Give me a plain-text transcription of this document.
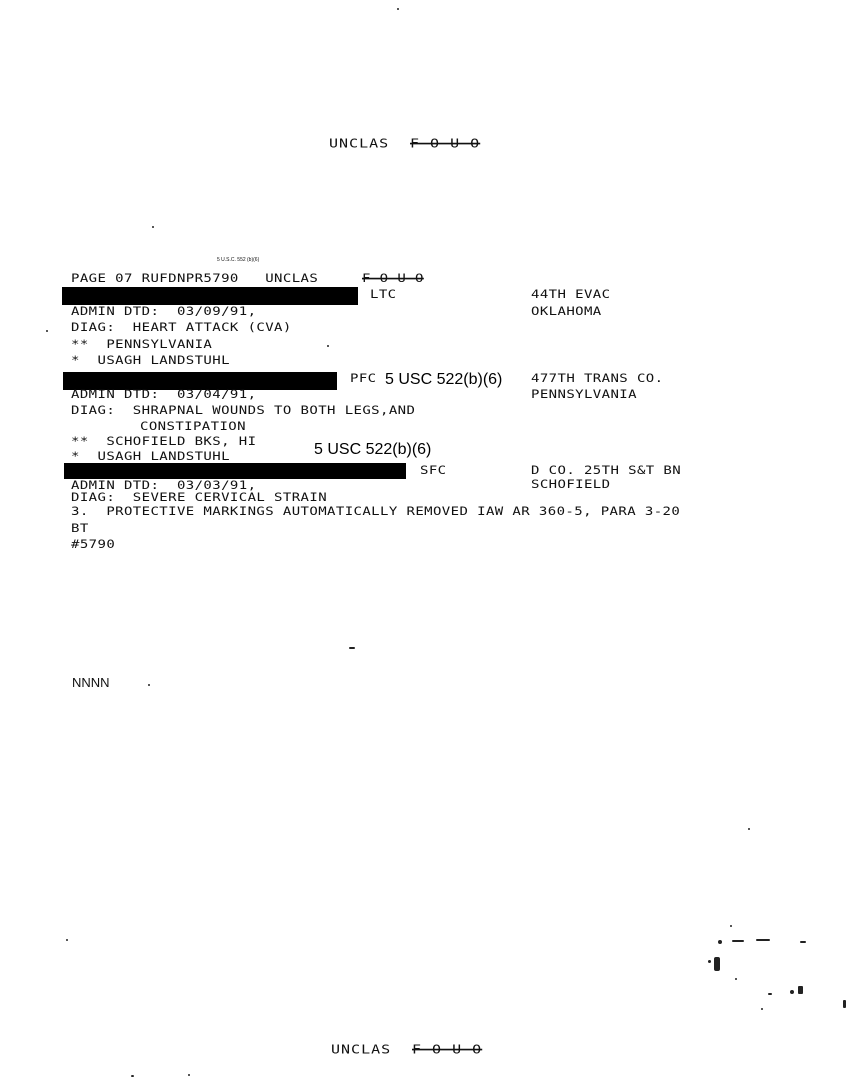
UNCLAS F O U O
5 U.S.C. 552 (b)(6)
PAGE 07 RUFDNPR5790   UNCLAS	F O U O
LTC	44TH EVAC
ADMIN DTD:  03/09/91,	OKLAHOMA
DIAG:  HEART ATTACK (CVA)
**  PENNSYLVANIA
*  USAGH LANDSTUHL
PFC 5 USC 522(b)(6) 477TH TRANS CO.
ADMIN DTD:  03/04/91,	PENNSYLVANIA
DIAG:  SHRAPNAL WOUNDS TO BOTH LEGS,AND
CONSTIPATION
**  SCHOFIELD BKS, HI	5 USC 522(b)(6)
*  USAGH LANDSTUHL
SFC	D CO. 25TH S&T BN
ADMIN DTD:  03/03/91,	SCHOFIELD
DIAG:  SEVERE CERVICAL STRAIN
3.  PROTECTIVE MARKINGS AUTOMATICALLY REMOVED IAW AR 360-5, PARA 3-20
BT
#5790
NNNN
UNCLAS F O U O
